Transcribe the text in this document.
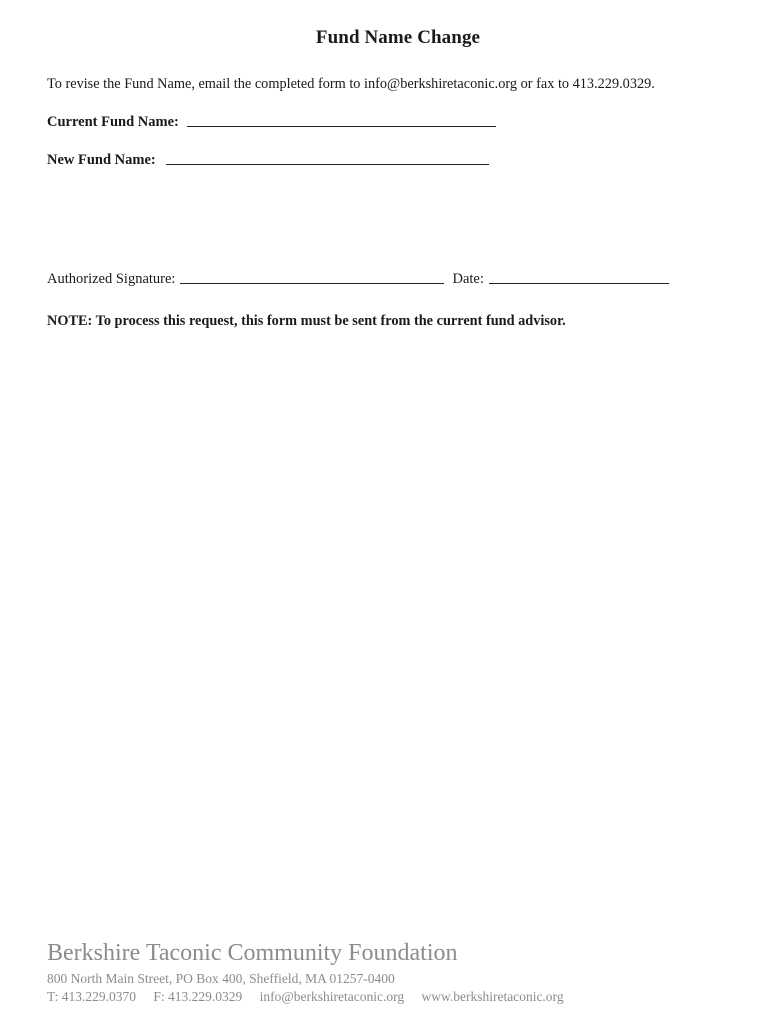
Fund Name Change
To revise the Fund Name, email the completed form to info@berkshiretaconic.org or fax to 413.229.0329.
Current Fund Name:
New Fund Name:
Authorized Signature:	Date:
NOTE: To process this request, this form must be sent from the current fund advisor.
Berkshire Taconic Community Foundation
800 North Main Street, PO Box 400, Sheffield, MA 01257-0400
T: 413.229.0370 F: 413.229.0329 info@berkshiretaconic.org www.berkshiretaconic.org
